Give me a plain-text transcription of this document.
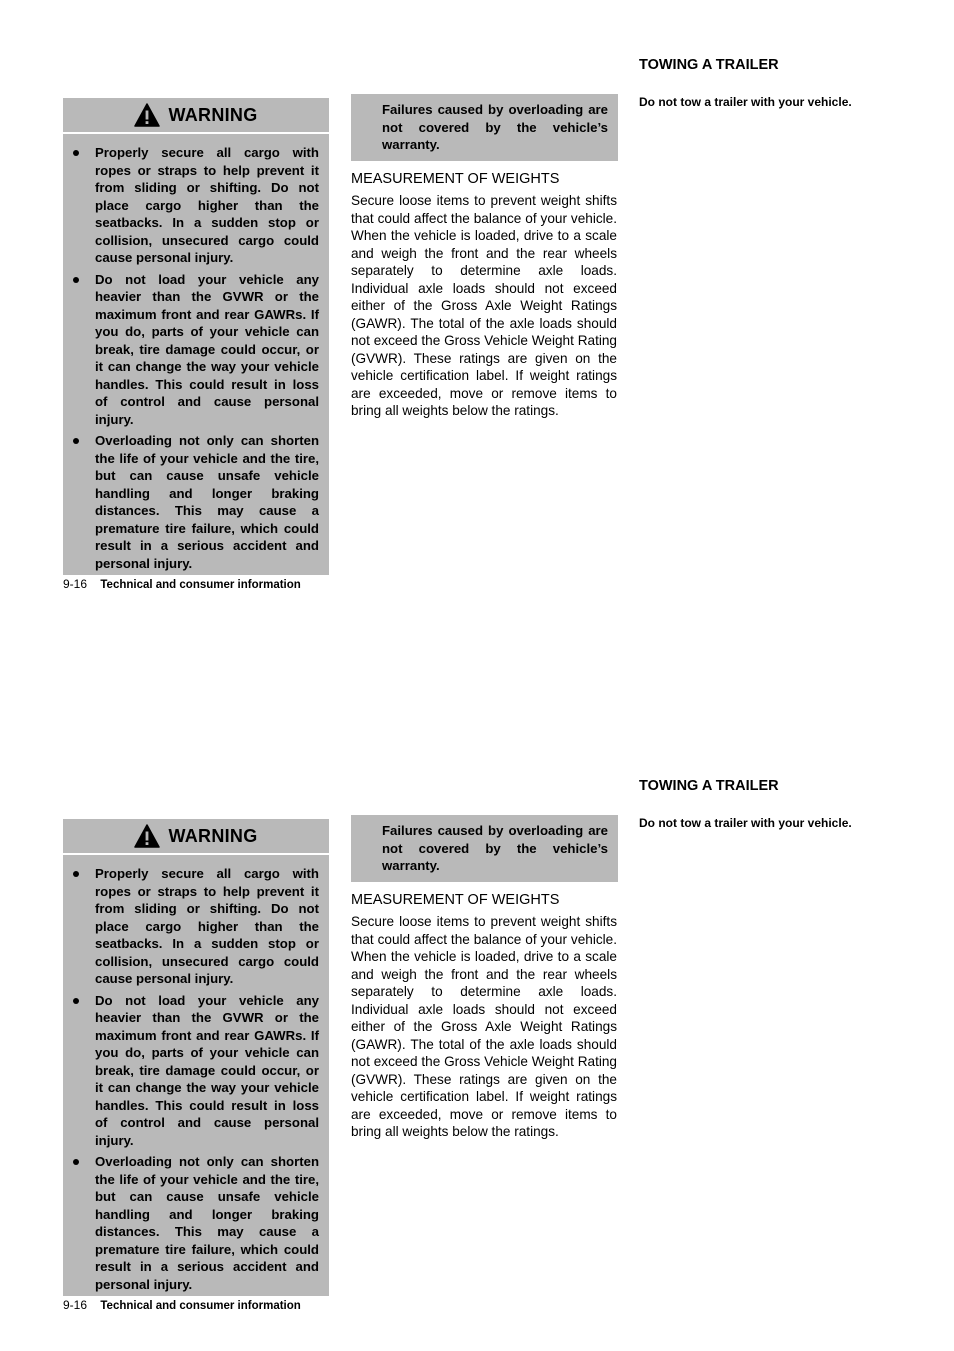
WARNING
Properly secure all cargo with ropes or straps to help prevent it from sliding or shifting. Do not place cargo higher than the seatbacks. In a sudden stop or collision, unsecured cargo could cause personal injury.
Do not load your vehicle any heavier than the GVWR or the maximum front and rear GAWRs. If you do, parts of your vehicle can break, tire damage could occur, or it can change the way your vehicle handles. This could result in loss of control and cause personal injury.
Overloading not only can shorten the life of your vehicle and the tire, but can cause unsafe vehicle handling and longer braking distances. This may cause a premature tire failure, which could result in a serious accident and personal injury.
9-16 Technical and consumer information
Failures caused by overloading are not covered by the vehicle’s warranty.
MEASUREMENT OF WEIGHTS

Secure loose items to prevent weight shifts that could affect the balance of your vehicle. When the vehicle is loaded, drive to a scale and weigh the front and the rear wheels separately to determine axle loads. Individual axle loads should not exceed either of the Gross Axle Weight Ratings (GAWR). The total of the axle loads should not exceed the Gross Vehicle Weight Rating (GVWR). These ratings are given on the vehicle certification label. If weight ratings are exceeded, move or remove items to bring all weights below the ratings.

TOWING A TRAILER
Do not tow a trailer with your vehicle.
WARNING
Properly secure all cargo with ropes or straps to help prevent it from sliding or shifting. Do not place cargo higher than the seatbacks. In a sudden stop or collision, unsecured cargo could cause personal injury.
Do not load your vehicle any heavier than the GVWR or the maximum front and rear GAWRs. If you do, parts of your vehicle can break, tire damage could occur, or it can change the way your vehicle handles. This could result in loss of control and cause personal injury.
Overloading not only can shorten the life of your vehicle and the tire, but can cause unsafe vehicle handling and longer braking distances. This may cause a premature tire failure, which could result in a serious accident and personal injury.
9-16 Technical and consumer information
Failures caused by overloading are not covered by the vehicle’s warranty.
MEASUREMENT OF WEIGHTS

Secure loose items to prevent weight shifts that could affect the balance of your vehicle. When the vehicle is loaded, drive to a scale and weigh the front and the rear wheels separately to determine axle loads. Individual axle loads should not exceed either of the Gross Axle Weight Ratings (GAWR). The total of the axle loads should not exceed the Gross Vehicle Weight Rating (GVWR). These ratings are given on the vehicle certification label. If weight ratings are exceeded, move or remove items to bring all weights below the ratings.

TOWING A TRAILER
Do not tow a trailer with your vehicle.
